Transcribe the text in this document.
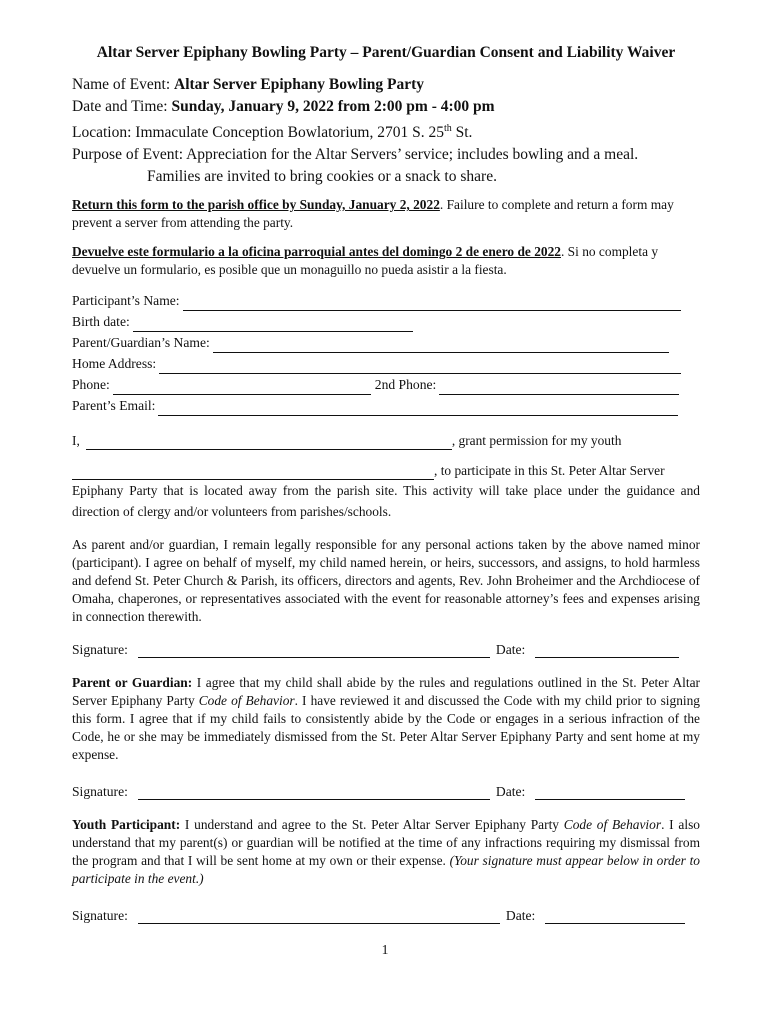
Altar Server Epiphany Bowling Party – Parent/Guardian Consent and Liability Waiver
Name of Event: Altar Server Epiphany Bowling Party
Date and Time: Sunday, January 9, 2022 from 2:00 pm - 4:00 pm
Location: Immaculate Conception Bowlatorium, 2701 S. 25th St.
Purpose of Event: Appreciation for the Altar Servers’ service; includes bowling and a meal.
Families are invited to bring cookies or a snack to share.
Return this form to the parish office by Sunday, January 2, 2022. Failure to complete and return a form may prevent a server from attending the party.
Devuelve este formulario a la oficina parroquial antes del domingo 2 de enero de 2022. Si no completa y devuelve un formulario, es posible que un monaguillo no pueda asistir a la fiesta.
Participant’s Name:
Birth date:
Parent/Guardian’s Name:
Home Address:
Phone:	2nd Phone:
Parent’s Email:
I,	, grant permission for my youth
, to participate in this St. Peter Altar Server
Epiphany Party that is located away from the parish site. This activity will take place under the guidance and direction of clergy and/or volunteers from parishes/schools.
As parent and/or guardian, I remain legally responsible for any personal actions taken by the above named minor (participant). I agree on behalf of myself, my child named herein, or heirs, successors, and assigns, to hold harmless and defend St. Peter Church & Parish, its officers, directors and agents, Rev. John Broheimer and the Archdiocese of Omaha, chaperones, or representatives associated with the event for reasonable attorney’s fees and expenses arising in connection therewith.
Signature:	Date:
Parent or Guardian: I agree that my child shall abide by the rules and regulations outlined in the St. Peter Altar Server Epiphany Party Code of Behavior. I have reviewed it and discussed the Code with my child prior to signing this form. I agree that if my child fails to consistently abide by the Code or engages in a serious infraction of the Code, he or she may be immediately dismissed from the St. Peter Altar Server Epiphany Party and sent home at my expense.
Signature:	Date:
Youth Participant: I understand and agree to the St. Peter Altar Server Epiphany Party Code of Behavior. I also understand that my parent(s) or guardian will be notified at the time of any infractions requiring my dismissal from the program and that I will be sent home at my own or their expense. (Your signature must appear below in order to participate in the event.)
Signature:	Date:
1
